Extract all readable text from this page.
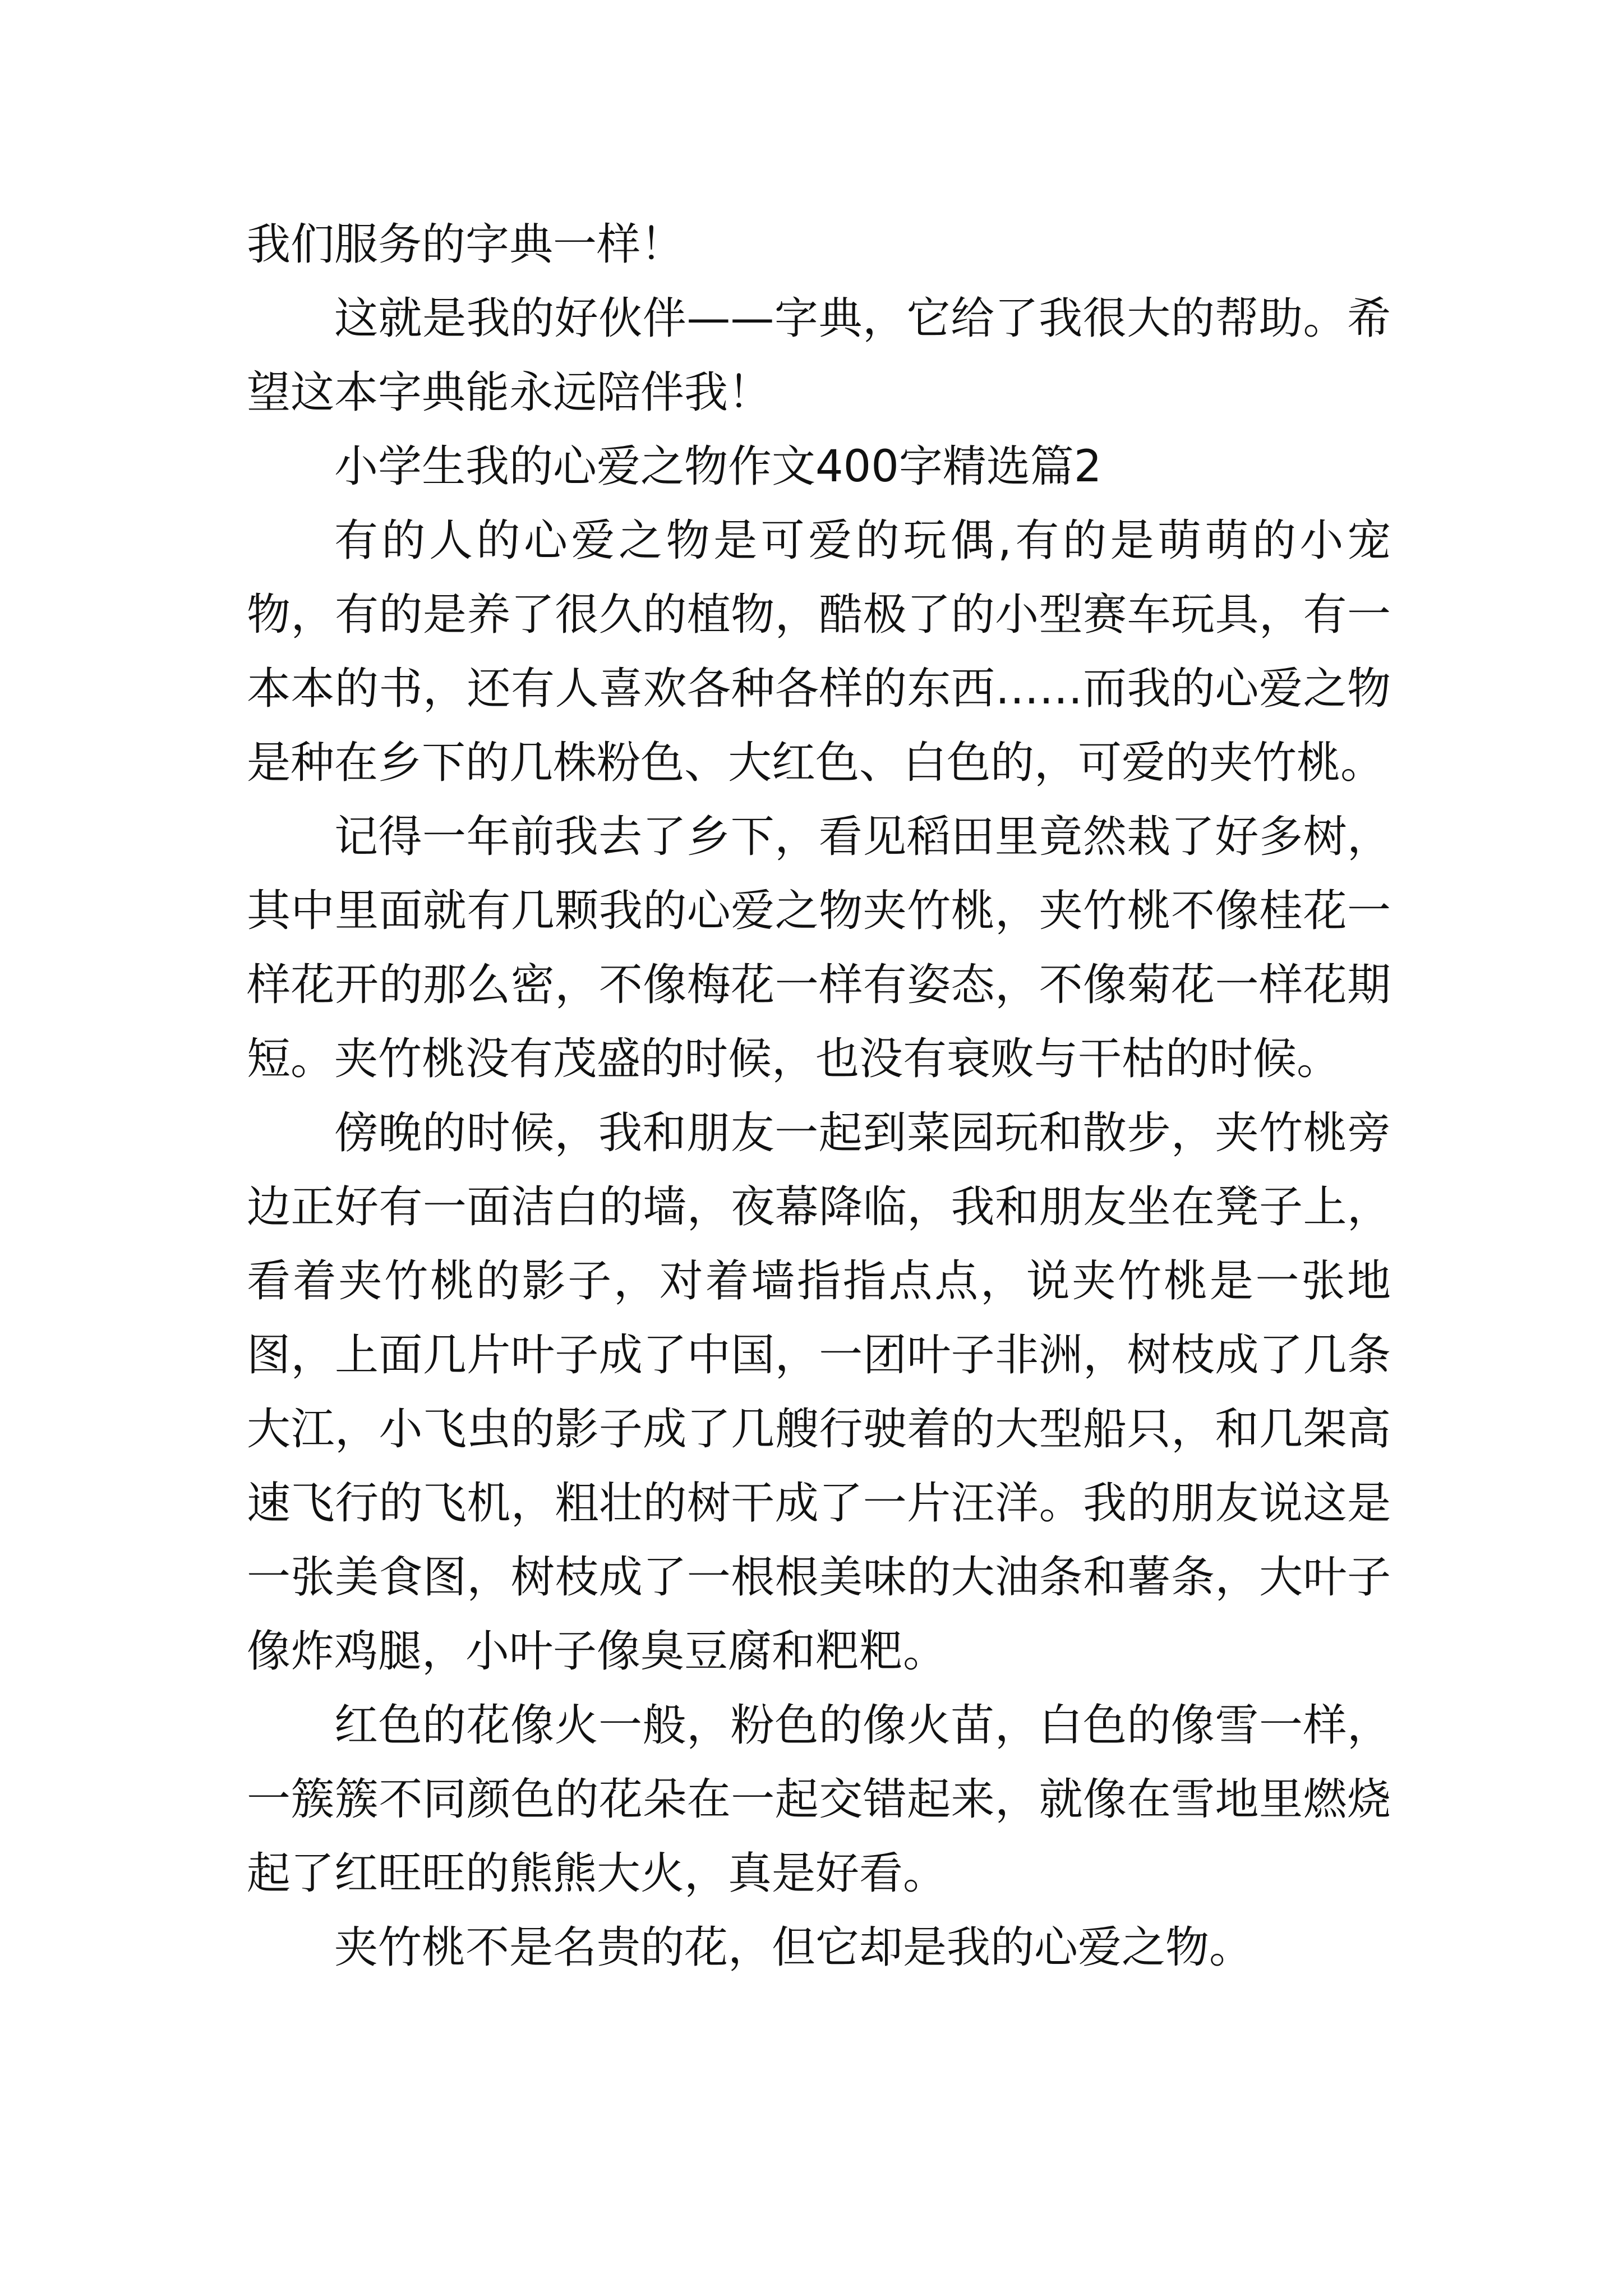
我们服务的字典一样！

这就是我的好伙伴——字典，它给了我很大的帮助。希望这本字典能永远陪伴我！

小学生我的心爱之物作文400字精选篇2

有的人的心爱之物是可爱的玩偶,有的是萌萌的小宠物，有的是养了很久的植物，酷极了的小型赛车玩具，有一本本的书，还有人喜欢各种各样的东西……而我的心爱之物是种在乡下的几株粉色、大红色、白色的，可爱的夹竹桃。

记得一年前我去了乡下，看见稻田里竟然栽了好多树，其中里面就有几颗我的心爱之物夹竹桃，夹竹桃不像桂花一样花开的那么密，不像梅花一样有姿态，不像菊花一样花期短。夹竹桃没有茂盛的时候，也没有衰败与干枯的时候。

傍晚的时候，我和朋友一起到菜园玩和散步，夹竹桃旁边正好有一面洁白的墙，夜幕降临，我和朋友坐在凳子上，看着夹竹桃的影子，对着墙指指点点，说夹竹桃是一张地图，上面几片叶子成了中国，一团叶子非洲，树枝成了几条大江，小飞虫的影子成了几艘行驶着的大型船只，和几架高速飞行的飞机，粗壮的树干成了一片汪洋。我的朋友说这是一张美食图，树枝成了一根根美味的大油条和薯条，大叶子像炸鸡腿，小叶子像臭豆腐和粑粑。

红色的花像火一般，粉色的像火苗，白色的像雪一样，一簇簇不同颜色的花朵在一起交错起来，就像在雪地里燃烧起了红旺旺的熊熊大火，真是好看。

夹竹桃不是名贵的花，但它却是我的心爱之物。
